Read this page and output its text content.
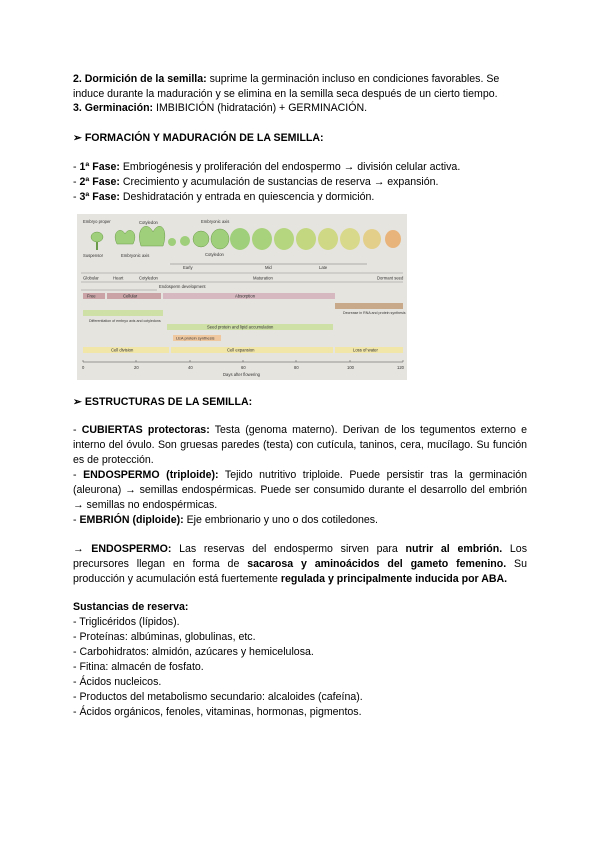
2. Dormición de la semilla: suprime la germinación incluso en condiciones favorables. Se induce durante la maduración y se elimina en la semilla seca después de un cierto tiempo.

3. Germinación: IMBIBICIÓN (hidratación) + GERMINACIÓN.

➢ FORMACIÓN Y MADURACIÓN DE LA SEMILLA:

- 1ª Fase: Embriogénesis y proliferación del endospermo → división celular activa.

- 2ª Fase: Crecimiento y acumulación de sustancias de reserva → expansión.

- 3ª Fase: Deshidratación y entrada en quiescencia y dormición.

Embryo proper	Cotyledon	Embryonic axis
Suspensor	Embryonic axis	Cotyledon
Early	Mid	Late
Globular	Heart	Cotyledon	Maturation	Dormant seed
Endosperm development
Free	Cellular	Absorption
Decrease in RNA and protein synthesis
Differentiation of embryo axis and cotyledons
Seed protein and lipid accumulation
LEA protein synthesis
Cell division	Cell expansion	Loss of water
0	20	40	60	80	100	120
Days after flowering

➢ ESTRUCTURAS DE LA SEMILLA:

- CUBIERTAS protectoras: Testa (genoma materno). Derivan de los tegumentos externo e interno del óvulo. Son gruesas paredes (testa) con cutícula, taninos, cera, mucílago. Su función es de protección.

- ENDOSPERMO (triploide): Tejido nutritivo triploide. Puede persistir tras la germinación (aleurona) → semillas endospérmicas. Puede ser consumido durante el desarrollo del embrión → semillas no endospérmicas.

- EMBRIÓN (diploide): Eje embrionario y uno o dos cotiledones.

→ ENDOSPERMO: Las reservas del endospermo sirven para nutrir al embrión. Los precursores llegan en forma de sacarosa y aminoácidos del gameto femenino. Su producción y acumulación está fuertemente regulada y principalmente inducida por ABA.

Sustancias de reserva:

- Triglicéridos (lípidos).

- Proteínas: albúminas, globulinas, etc.

- Carbohidratos: almidón, azúcares y hemicelulosa.

- Fitina: almacén de fosfato.

- Ácidos nucleicos.

- Productos del metabolismo secundario: alcaloides (cafeína).

- Ácidos orgánicos, fenoles, vitaminas, hormonas, pigmentos.
